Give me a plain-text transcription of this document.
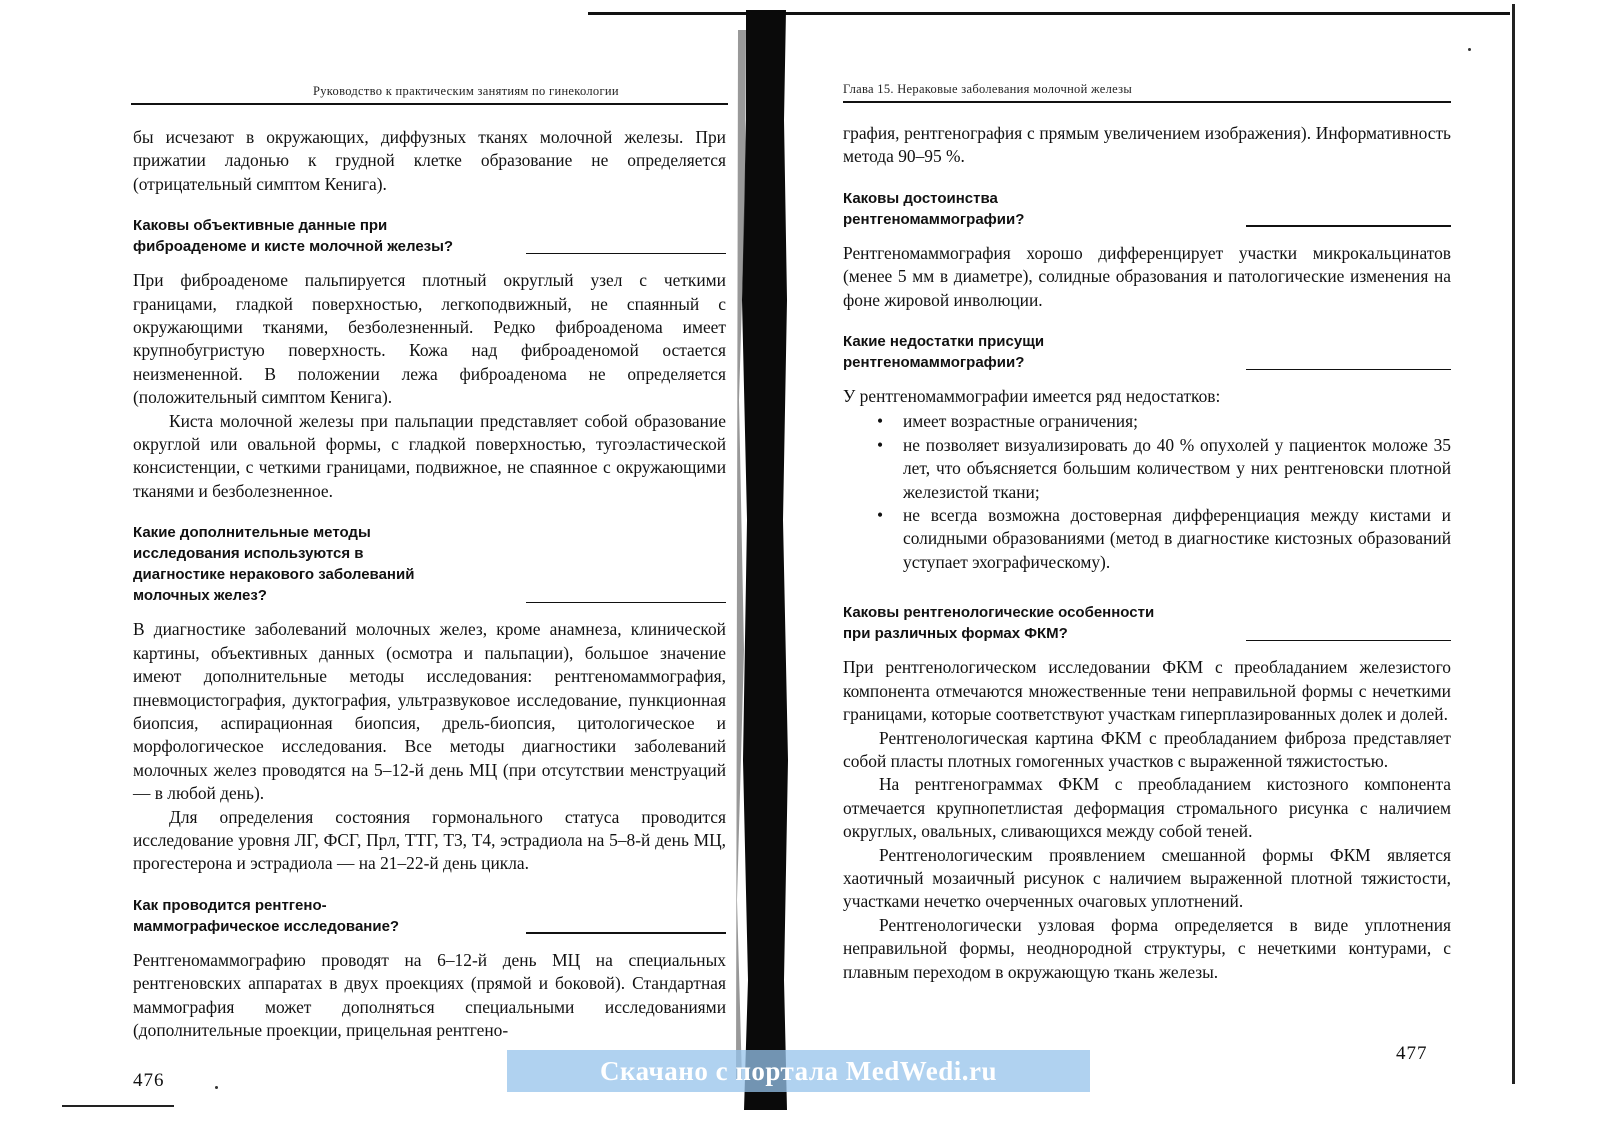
Руководство к практическим занятиям по гинекологии

бы исчезают в окружающих, диффузных тканях молочной железы. При прижатии ладонью к грудной клетке образование не определяется (отрицательный симптом Кенига).

Каковы объективные данные при
фиброаденоме и кисте молочной железы?

При фиброаденоме пальпируется плотный округлый узел с четкими границами, гладкой поверхностью, легкоподвижный, не спаянный с окружающими тканями, безболезненный. Редко фиброаденома имеет крупнобугристую поверхность. Кожа над фиброаденомой остается неизмененной. В положении лежа фиброаденома не определяется (положительный симптом Кенига).

Киста молочной железы при пальпации представляет собой образование округлой или овальной формы, с гладкой поверхностью, тугоэластической консистенции, с четкими границами, подвижное, не спаянное с окружающими тканями и безболезненное.

Какие дополнительные методы
исследования используются в
диагностике неракового заболеваний
молочных желез?

В диагностике заболеваний молочных желез, кроме анамнеза, клинической картины, объективных данных (осмотра и пальпации), большое значение имеют дополнительные методы исследования: рентгеномаммография, пневмоцистография, дуктография, ультразвуковое исследование, пункционная биопсия, аспирационная биопсия, дрель-биопсия, цитологическое и морфологическое исследования. Все методы диагностики заболеваний молочных желез проводятся на 5–12-й день МЦ (при отсутствии менструаций — в любой день).

Для определения состояния гормонального статуса проводится исследование уровня ЛГ, ФСГ, Прл, ТТГ, Т3, Т4, эстрадиола на 5–8-й день МЦ, прогестерона и эстрадиола — на 21–22-й день цикла.

Как проводится рентгено-
маммографическое исследование?

Рентгеномаммографию проводят на 6–12-й день МЦ на специальных рентгеновских аппаратах в двух проекциях (прямой и боковой). Стандартная маммография может дополняться специальными исследованиями (дополнительные проекции, прицельная рентгено-

476
Глава 15. Нераковые заболевания молочной железы

графия, рентгенография с прямым увеличением изображения). Информативность метода 90–95 %.

Каковы достоинства
рентгеномаммографии?

Рентгеномаммография хорошо дифференцирует участки микрокальцинатов (менее 5 мм в диаметре), солидные образования и патологические изменения на фоне жировой инволюции.

Какие недостатки присущи
рентгеномаммографии?

У рентгеномаммографии имеется ряд недостатков:

• имеет возрастные ограничения;
• не позволяет визуализировать до 40 % опухолей у пациенток моложе 35 лет, что объясняется большим количеством у них рентгеновски плотной железистой ткани;
• не всегда возможна достоверная дифференциация между кистами и солидными образованиями (метод в диагностике кистозных образований уступает эхографическому).
Каковы рентгенологические особенности
при различных формах ФКМ?

При рентгенологическом исследовании ФКМ с преобладанием железистого компонента отмечаются множественные тени неправильной формы с нечеткими границами, которые соответствуют участкам гиперплазированных долек и долей.

Рентгенологическая картина ФКМ с преобладанием фиброза представляет собой пласты плотных гомогенных участков с выраженной тяжистостью.

На рентгенограммах ФКМ с преобладанием кистозного компонента отмечается крупнопетлистая деформация стромального рисунка с наличием округлых, овальных, сливающихся между собой теней.

Рентгенологическим проявлением смешанной формы ФКМ является хаотичный мозаичный рисунок с наличием выраженной плотной тяжистости, участками нечетко очерченных очаговых уплотнений.

Рентгенологически узловая форма определяется в виде уплотнения неправильной формы, неоднородной структуры, с нечеткими контурами, с плавным переходом в окружающую ткань железы.

477
Скачано с портала MedWedi.ru
